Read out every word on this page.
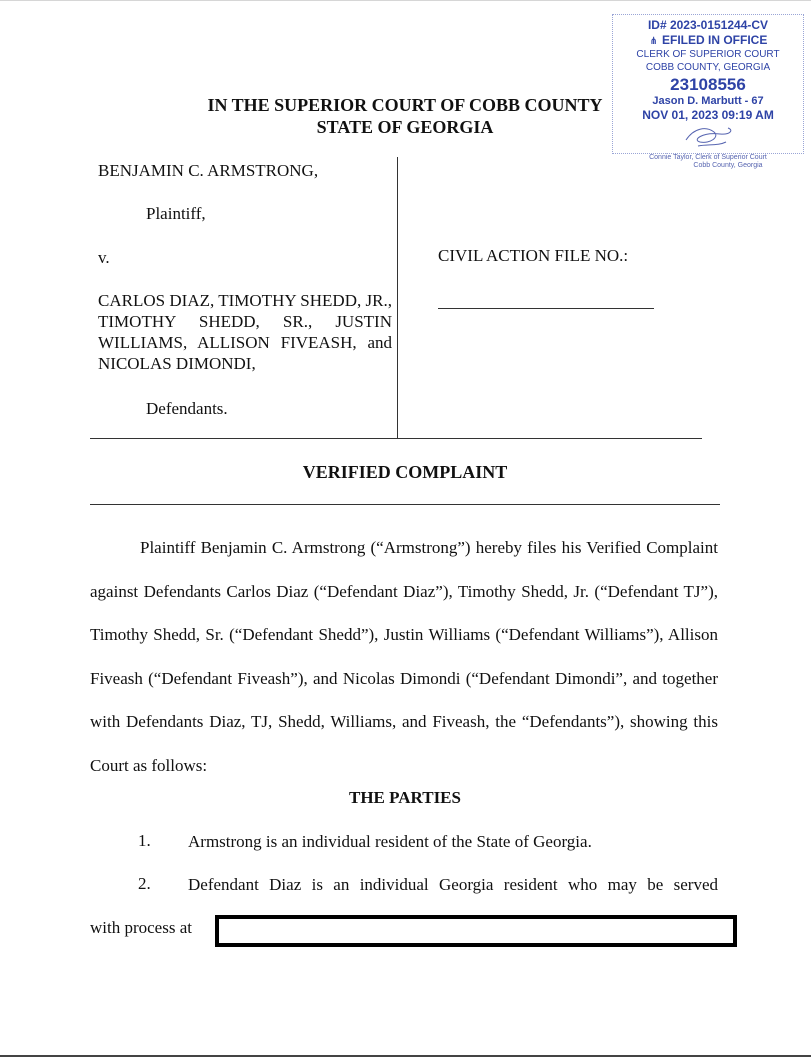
ID# 2023-0151244-CV
⋔ EFILED IN OFFICE
CLERK OF SUPERIOR COURT
COBB COUNTY, GEORGIA
23108556
Jason D. Marbutt - 67
NOV 01, 2023 09:19 AM
Connie Taylor, Clerk of Superior Court
Cobb County, Georgia
IN THE SUPERIOR COURT OF COBB COUNTY
STATE OF GEORGIA
BENJAMIN C. ARMSTRONG,
Plaintiff,
v.
CARLOS DIAZ, TIMOTHY SHEDD, JR., TIMOTHY SHEDD, SR., JUSTIN WILLIAMS, ALLISON FIVEASH, and NICOLAS DIMONDI,
Defendants.
CIVIL ACTION FILE NO.:
VERIFIED COMPLAINT
Plaintiff Benjamin C. Armstrong (“Armstrong”) hereby files his Verified Complaint against Defendants Carlos Diaz (“Defendant Diaz”), Timothy Shedd, Jr. (“Defendant TJ”), Timothy Shedd, Sr. (“Defendant Shedd”), Justin Williams (“Defendant Williams”), Allison Fiveash (“Defendant Fiveash”), and Nicolas Dimondi (“Defendant Dimondi”, and together with Defendants Diaz, TJ, Shedd, Williams, and Fiveash, the “Defendants”), showing this Court as follows:
THE PARTIES
1. Armstrong is an individual resident of the State of Georgia.
2. Defendant Diaz is an individual Georgia resident who may be served
with process at
